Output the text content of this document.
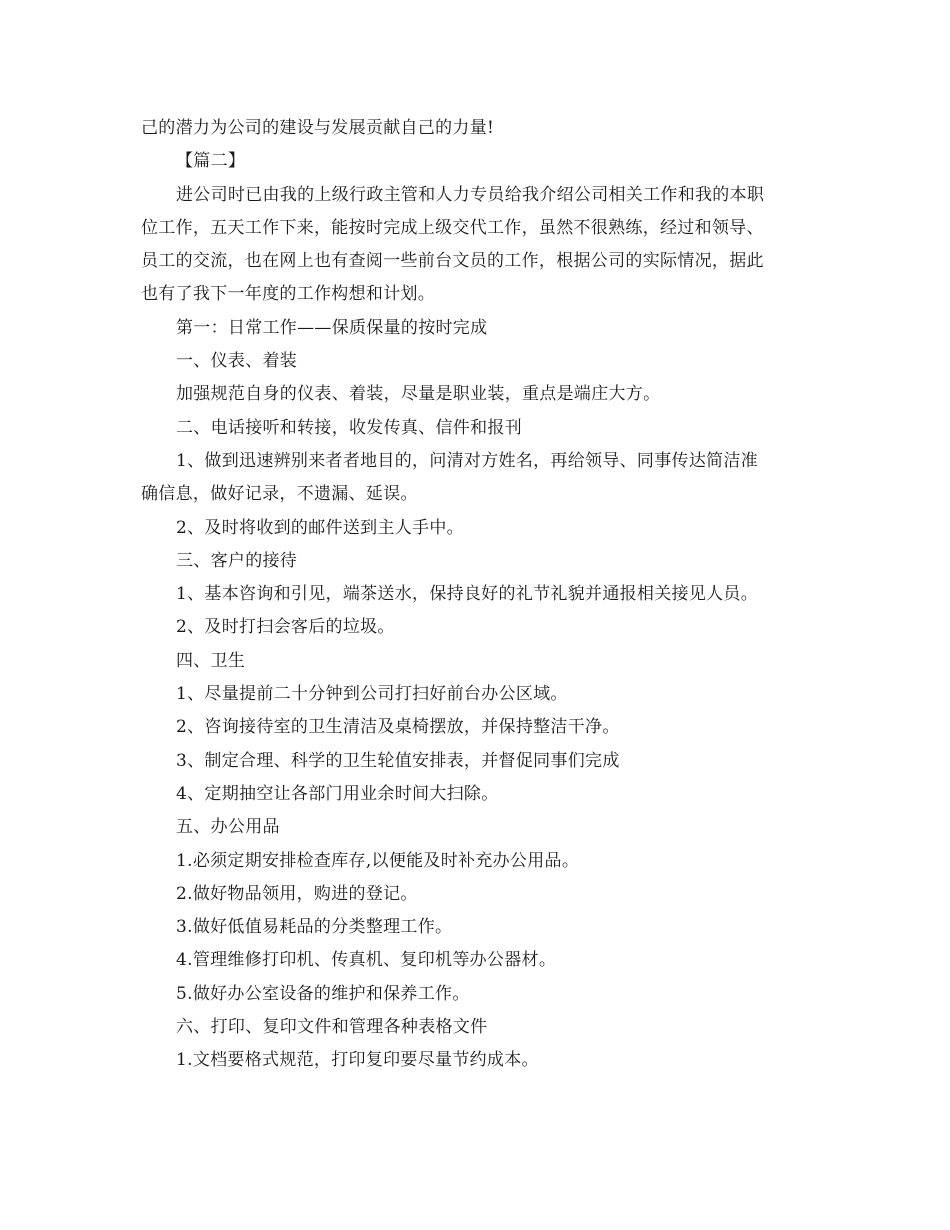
己的潜力为公司的建设与发展贡献自己的力量!
【篇二】
进公司时已由我的上级行政主管和人力专员给我介绍公司相关工作和我的本职
位工作，五天工作下来，能按时完成上级交代工作，虽然不很熟练，经过和领导、
员工的交流，也在网上也有查阅一些前台文员的工作，根据公司的实际情况，据此
也有了我下一年度的工作构想和计划。
第一：日常工作——保质保量的按时完成
一、仪表、着装
加强规范自身的仪表、着装，尽量是职业装，重点是端庄大方。
二、电话接听和转接，收发传真、信件和报刊
1、做到迅速辨别来者者地目的，问清对方姓名，再给领导、同事传达简洁准
确信息，做好记录，不遗漏、延误。
2、及时将收到的邮件送到主人手中。
三、客户的接待
1、基本咨询和引见，端茶送水，保持良好的礼节礼貌并通报相关接见人员。
2、及时打扫会客后的垃圾。
四、卫生
1、尽量提前二十分钟到公司打扫好前台办公区域。
2、咨询接待室的卫生清洁及桌椅摆放，并保持整洁干净。
3、制定合理、科学的卫生轮值安排表，并督促同事们完成
4、定期抽空让各部门用业余时间大扫除。
五、办公用品
1.必须定期安排检查库存,以便能及时补充办公用品。
2.做好物品领用，购进的登记。
3.做好低值易耗品的分类整理工作。
4.管理维修打印机、传真机、复印机等办公器材。
5.做好办公室设备的维护和保养工作。
六、打印、复印文件和管理各种表格文件
1.文档要格式规范，打印复印要尽量节约成本。
